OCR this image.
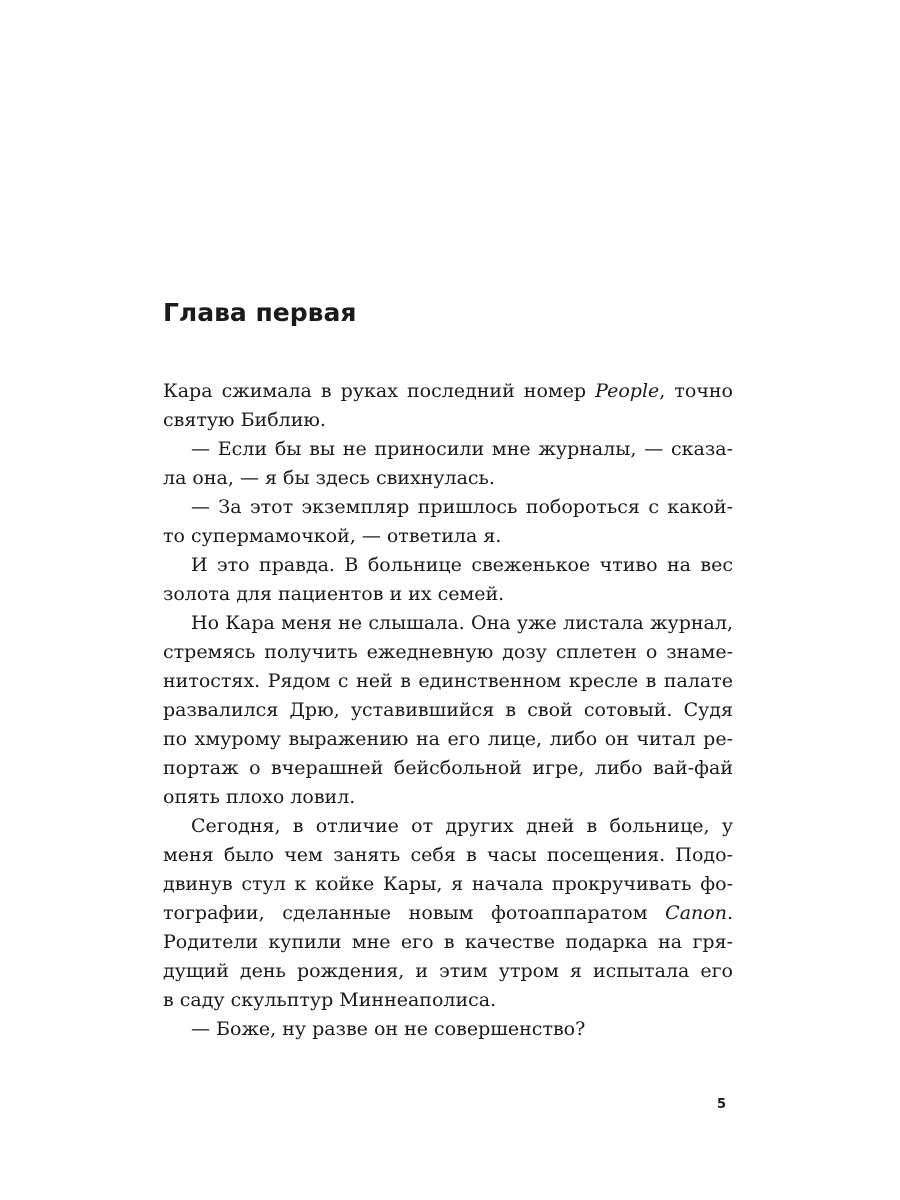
Глава первая
Кара сжимала в руках последний номер People, точно
святую Библию.
— Если бы вы не приносили мне журналы, — сказа-
ла она, — я бы здесь свихнулась.
— За этот экземпляр пришлось побороться с какой-
то супермамочкой, — ответила я.
И это правда. В больнице свеженькое чтиво на вес
золота для пациентов и их семей.
Но Кара меня не слышала. Она уже листала журнал,
стремясь получить ежедневную дозу сплетен о знаме-
нитостях. Рядом с ней в единственном кресле в палате
развалился Дрю, уставившийся в свой сотовый. Судя
по хмурому выражению на его лице, либо он читал ре-
портаж о вчерашней бейсбольной игре, либо вай-фай
опять плохо ловил.
Сегодня, в отличие от других дней в больнице, у
меня было чем занять себя в часы посещения. Подо-
двинув стул к койке Кары, я начала прокручивать фо-
тографии, сделанные новым фотоаппаратом Canon.
Родители купили мне его в качестве подарка на гря-
дущий день рождения, и этим утром я испытала его
в саду скульптур Миннеаполиса.
— Боже, ну разве он не совершенство?
5
